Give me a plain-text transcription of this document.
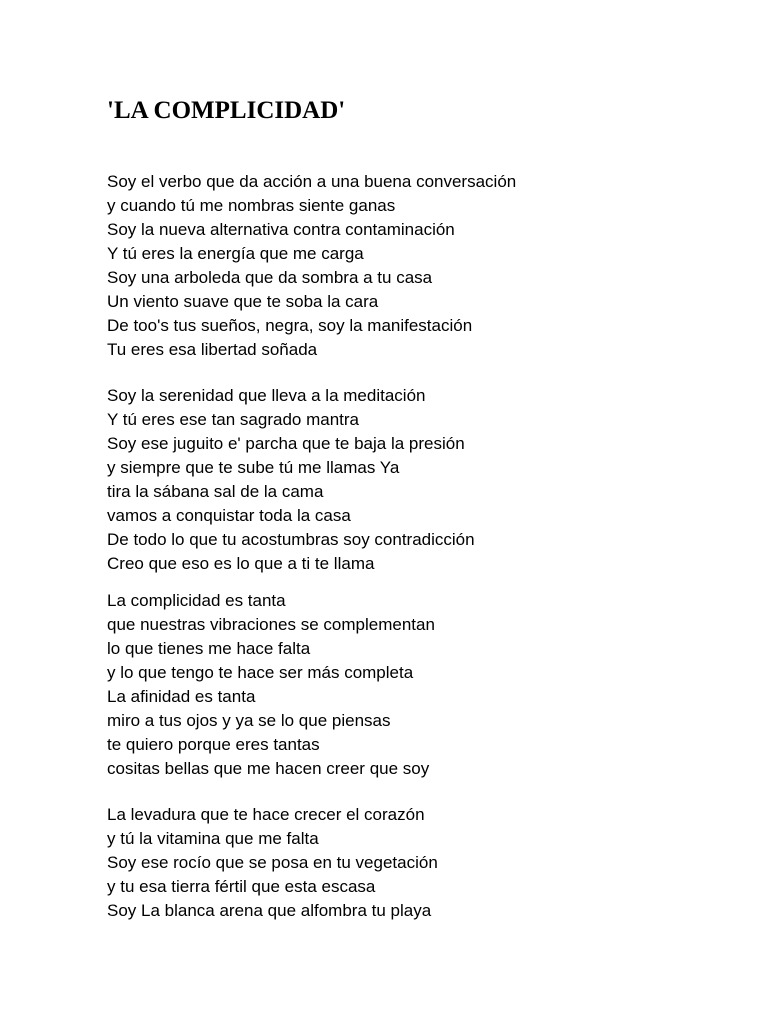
'LA COMPLICIDAD'
Soy el verbo que da acción a una buena conversación
y cuando tú me nombras siente ganas
Soy la nueva alternativa contra contaminación
Y tú eres la energía que me carga
Soy una arboleda que da sombra a tu casa
Un viento suave que te soba la cara
De too's tus sueños, negra, soy la manifestación
Tu eres esa libertad soñada
Soy la serenidad que lleva a la meditación
Y tú eres ese tan sagrado mantra
Soy ese juguito e' parcha que te baja la presión
y siempre que te sube tú me llamas Ya
tira la sábana sal de la cama
vamos a conquistar toda la casa
De todo lo que tu acostumbras soy contradicción
Creo que eso es lo que a ti te llama
La complicidad es tanta
que nuestras vibraciones se complementan
lo que tienes me hace falta
y lo que tengo te hace ser más completa
La afinidad es tanta
miro a tus ojos y ya se lo que piensas
te quiero porque eres tantas
cositas bellas que me hacen creer que soy
La levadura que te hace crecer el corazón
y tú la vitamina que me falta
Soy ese rocío que se posa en tu vegetación
y tu esa tierra fértil que esta escasa
Soy La blanca arena que alfombra tu playa
